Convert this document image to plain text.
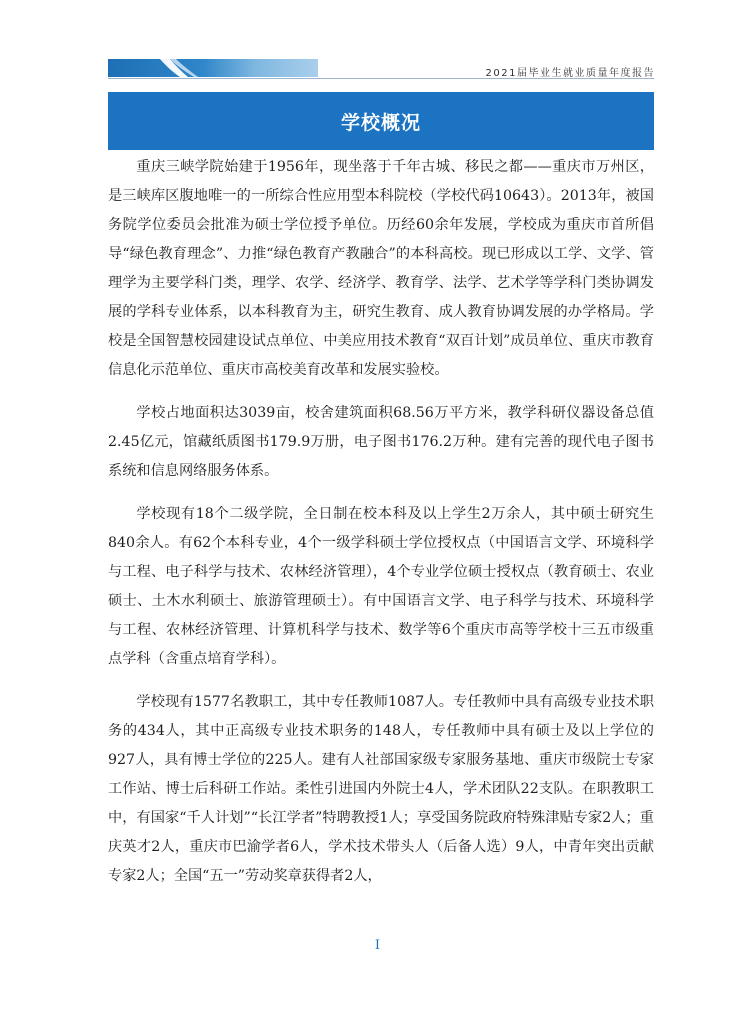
2021届毕业生就业质量年度报告
学校概况

重庆三峡学院始建于1956年，现坐落于千年古城、移民之都——重庆市万州区，是三峡库区腹地唯一的一所综合性应用型本科院校（学校代码10643）。2013年，被国务院学位委员会批准为硕士学位授予单位。历经60余年发展，学校成为重庆市首所倡导“绿色教育理念”、力推“绿色教育产教融合”的本科高校。现已形成以工学、文学、管理学为主要学科门类，理学、农学、经济学、教育学、法学、艺术学等学科门类协调发展的学科专业体系，以本科教育为主，研究生教育、成人教育协调发展的办学格局。学校是全国智慧校园建设试点单位、中美应用技术教育“双百计划”成员单位、重庆市教育信息化示范单位、重庆市高校美育改革和发展实验校。

学校占地面积达3039亩，校舍建筑面积68.56万平方米，教学科研仪器设备总值2.45亿元，馆藏纸质图书179.9万册，电子图书176.2万种。建有完善的现代电子图书系统和信息网络服务体系。

学校现有18个二级学院，全日制在校本科及以上学生2万余人，其中硕士研究生840余人。有62个本科专业，4个一级学科硕士学位授权点（中国语言文学、环境科学与工程、电子科学与技术、农林经济管理），4个专业学位硕士授权点（教育硕士、农业硕士、土木水利硕士、旅游管理硕士）。有中国语言文学、电子科学与技术、环境科学与工程、农林经济管理、计算机科学与技术、数学等6个重庆市高等学校十三五市级重点学科（含重点培育学科）。

学校现有1577名教职工，其中专任教师1087人。专任教师中具有高级专业技术职务的434人，其中正高级专业技术职务的148人，专任教师中具有硕士及以上学位的927人，具有博士学位的225人。建有人社部国家级专家服务基地、重庆市级院士专家工作站、博士后科研工作站。柔性引进国内外院士4人，学术团队22支队。在职教职工中，有国家“千人计划”“长江学者”特聘教授1人；享受国务院政府特殊津贴专家2人；重庆英才2人，重庆市巴渝学者6人，学术技术带头人（后备人选）9人，中青年突出贡献专家2人；全国“五一”劳动奖章获得者2人，

I
